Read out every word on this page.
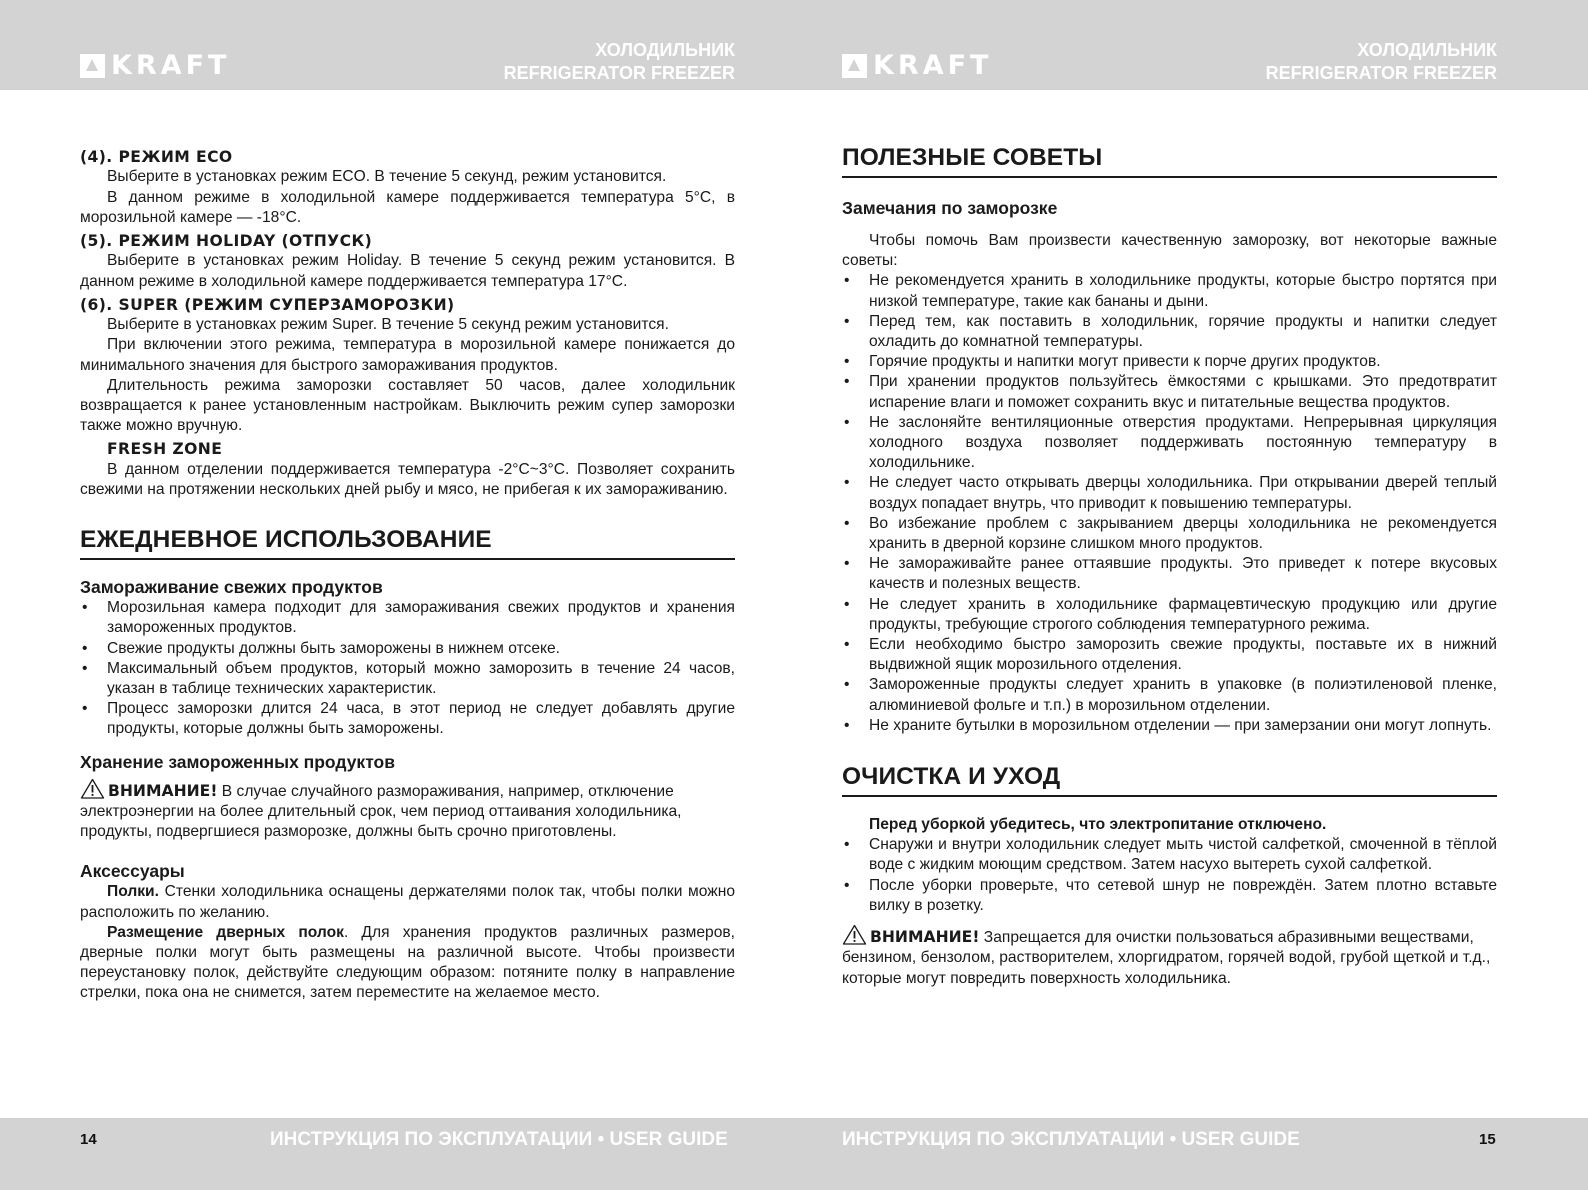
KRAFT	ХОЛОДИЛЬНИК
REFRIGERATOR FREEZER	KRAFT	ХОЛОДИЛЬНИК
REFRIGERATOR FREEZER

(4). РЕЖИМ ECO

Выберите в установках режим ECO. В течение 5 секунд, режим установится.

В данном режиме в холодильной камере поддерживается температура 5°С, в морозильной камере — -18°С.

(5). РЕЖИМ HOLIDAY (ОТПУСК)

Выберите в установках режим Holiday. В течение 5 секунд режим установится. В данном режиме в холодильной камере поддерживается температура 17°С.

(6). SUPER (РЕЖИМ СУПЕРЗАМОРОЗКИ)

Выберите в установках режим Super. В течение 5 секунд режим установится.

При включении этого режима, температура в морозильной камере понижается до минимального значения для быстрого замораживания продуктов.

Длительность режима заморозки составляет 50 часов, далее холодильник возвращается к ранее установленным настройкам. Выключить режим супер заморозки также можно вручную.

FRESH ZONE

В данном отделении поддерживается температура -2°С~3°С. Позволяет сохранить свежими на протяжении нескольких дней рыбу и мясо, не прибегая к их замораживанию.

ЕЖЕДНЕВНОЕ ИСПОЛЬЗОВАНИЕ
Замораживание свежих продуктов
• Морозильная камера подходит для замораживания свежих продуктов и хранения замороженных продуктов.
• Свежие продукты должны быть заморожены в нижнем отсеке.
• Максимальный объем продуктов, который можно заморозить в течение 24 часов, указан в таблице технических характеристик.
• Процесс заморозки длится 24 часа, в этот период не следует добавлять другие продукты, которые должны быть заморожены.
Хранение замороженных продуктов

ВНИМАНИЕ! В случае случайного размораживания, например, отключение электроэнергии на более длительный срок, чем период оттаивания холодильника, продукты, подвергшиеся разморозке, должны быть срочно приготовлены.

Аксессуары

Полки. Стенки холодильника оснащены держателями полок так, чтобы полки можно расположить по желанию.

Размещение дверных полок. Для хранения продуктов различных размеров, дверные полки могут быть размещены на различной высоте. Чтобы произвести переустановку полок, действуйте следующим образом: потяните полку в направление стрелки, пока она не снимется, затем переместите на желаемое место.

ПОЛЕЗНЫЕ СОВЕТЫ
Замечания по заморозке

Чтобы помочь Вам произвести качественную заморозку, вот некоторые важные советы:

• Не рекомендуется хранить в холодильнике продукты, которые быстро портятся при низкой температуре, такие как бананы и дыни.
• Перед тем, как поставить в холодильник, горячие продукты и напитки следует охладить до комнатной температуры.
• Горячие продукты и напитки могут привести к порче других продуктов.
• При хранении продуктов пользуйтесь ёмкостями с крышками. Это предотвратит испарение влаги и поможет сохранить вкус и питательные вещества продуктов.
• Не заслоняйте вентиляционные отверстия продуктами. Непрерывная циркуляция холодного воздуха позволяет поддерживать постоянную температуру в холодильнике.
• Не следует часто открывать дверцы холодильника. При открывании дверей теплый воздух попадает внутрь, что приводит к повышению температуры.
• Во избежание проблем с закрыванием дверцы холодильника не рекомендуется хранить в дверной корзине слишком много продуктов.
• Не замораживайте ранее оттаявшие продукты. Это приведет к потере вкусовых качеств и полезных веществ.
• Не следует хранить в холодильнике фармацевтическую продукцию или другие продукты, требующие строгого соблюдения температурного режима.
• Если необходимо быстро заморозить свежие продукты, поставьте их в нижний выдвижной ящик морозильного отделения.
• Замороженные продукты следует хранить в упаковке (в полиэтиленовой пленке, алюминиевой фольге и т.п.) в морозильном отделении.
• Не храните бутылки в морозильном отделении — при замерзании они могут лопнуть.
ОЧИСТКА И УХОД

Перед уборкой убедитесь, что электропитание отключено.

• Снаружи и внутри холодильник следует мыть чистой салфеткой, смоченной в тёплой воде с жидким моющим средством. Затем насухо вытереть сухой салфеткой.
• После уборки проверьте, что сетевой шнур не повреждён. Затем плотно вставьте вилку в розетку.

ВНИМАНИЕ! Запрещается для очистки пользоваться абразивными веществами, бензином, бензолом, растворителем, хлоргидратом, горячей водой, грубой щеткой и т.д., которые могут повредить поверхность холодильника.

14	ИНСТРУКЦИЯ ПО ЭКСПЛУАТАЦИИ • USER GUIDE	ИНСТРУКЦИЯ ПО ЭКСПЛУАТАЦИИ • USER GUIDE	15
